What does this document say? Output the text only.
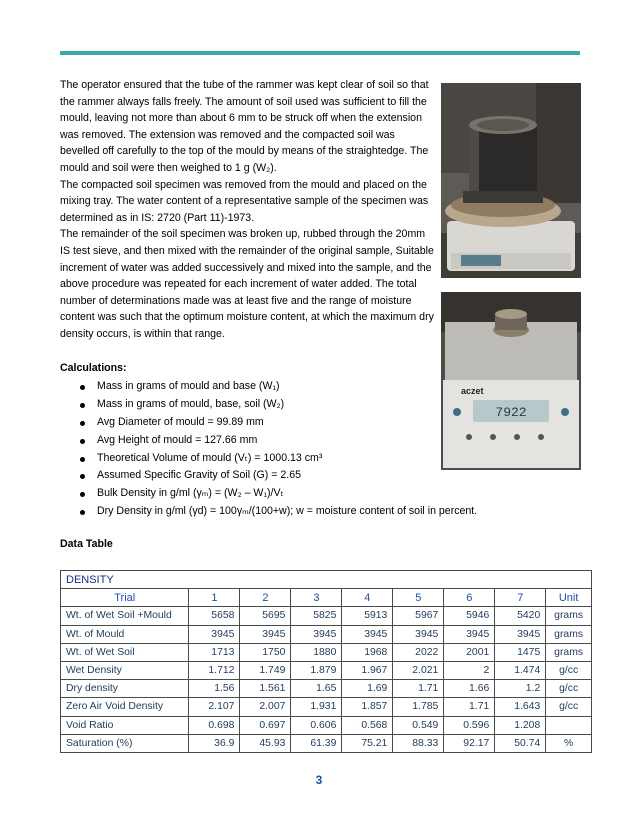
The operator ensured that the tube of the rammer was kept clear of soil so that the rammer always falls freely. The amount of soil used was sufficient to fill the mould, leaving not more than about 6 mm to be struck off when the extension was removed. The extension was removed and the compacted soil was bevelled off carefully to the top of the mould by means of the straightedge. The mould and soil were then weighed to 1 g (W₂).

The compacted soil specimen was removed from the mould and placed on the mixing tray. The water content of a representative sample of the specimen was determined as in IS: 2720 (Part 11)-1973.

The remainder of the soil specimen was broken up, rubbed through the 20mm IS test sieve, and then mixed with the remainder of the original sample, Suitable increment of water was added successively and mixed into the sample, and the above procedure was repeated for each increment of water added. The total number of determinations made was at least five and the range of moisture content was such that the optimum moisture content, at which the maximum dry density occurs, is within that range.

aczet
7922

Calculations:

Mass in grams of mould and base (W₁)
Mass in grams of mould, base, soil (W₂)
Avg Diameter of mould = 99.89 mm
Avg Height of mould = 127.66 mm
Theoretical Volume of mould (Vₜ) = 1000.13 cm³
Assumed Specific Gravity of Soil (G) = 2.65
Bulk Density in g/ml (γₘ) = (W₂ – W₁)/Vₜ
Dry Density in g/ml (γd) = 100γₘ/(100+w); w = moisture content of soil in percent.

Data Table

DENSITY								
Trial	1	2	3	4	5	6	7	Unit
Wt. of Wet Soil +Mould	5658	5695	5825	5913	5967	5946	5420	grams
Wt. of Mould	3945	3945	3945	3945	3945	3945	3945	grams
Wt. of Wet Soil	1713	1750	1880	1968	2022	2001	1475	grams
Wet Density	1.712	1.749	1.879	1.967	2.021	2	1.474	g/cc
Dry density	1.56	1.561	1.65	1.69	1.71	1.66	1.2	g/cc
Zero Air Void Density	2.107	2.007	1.931	1.857	1.785	1.71	1.643	g/cc
Void Ratio	0.698	0.697	0.606	0.568	0.549	0.596	1.208	
Saturation (%)	36.9	45.93	61.39	75.21	88.33	92.17	50.74	%
3
